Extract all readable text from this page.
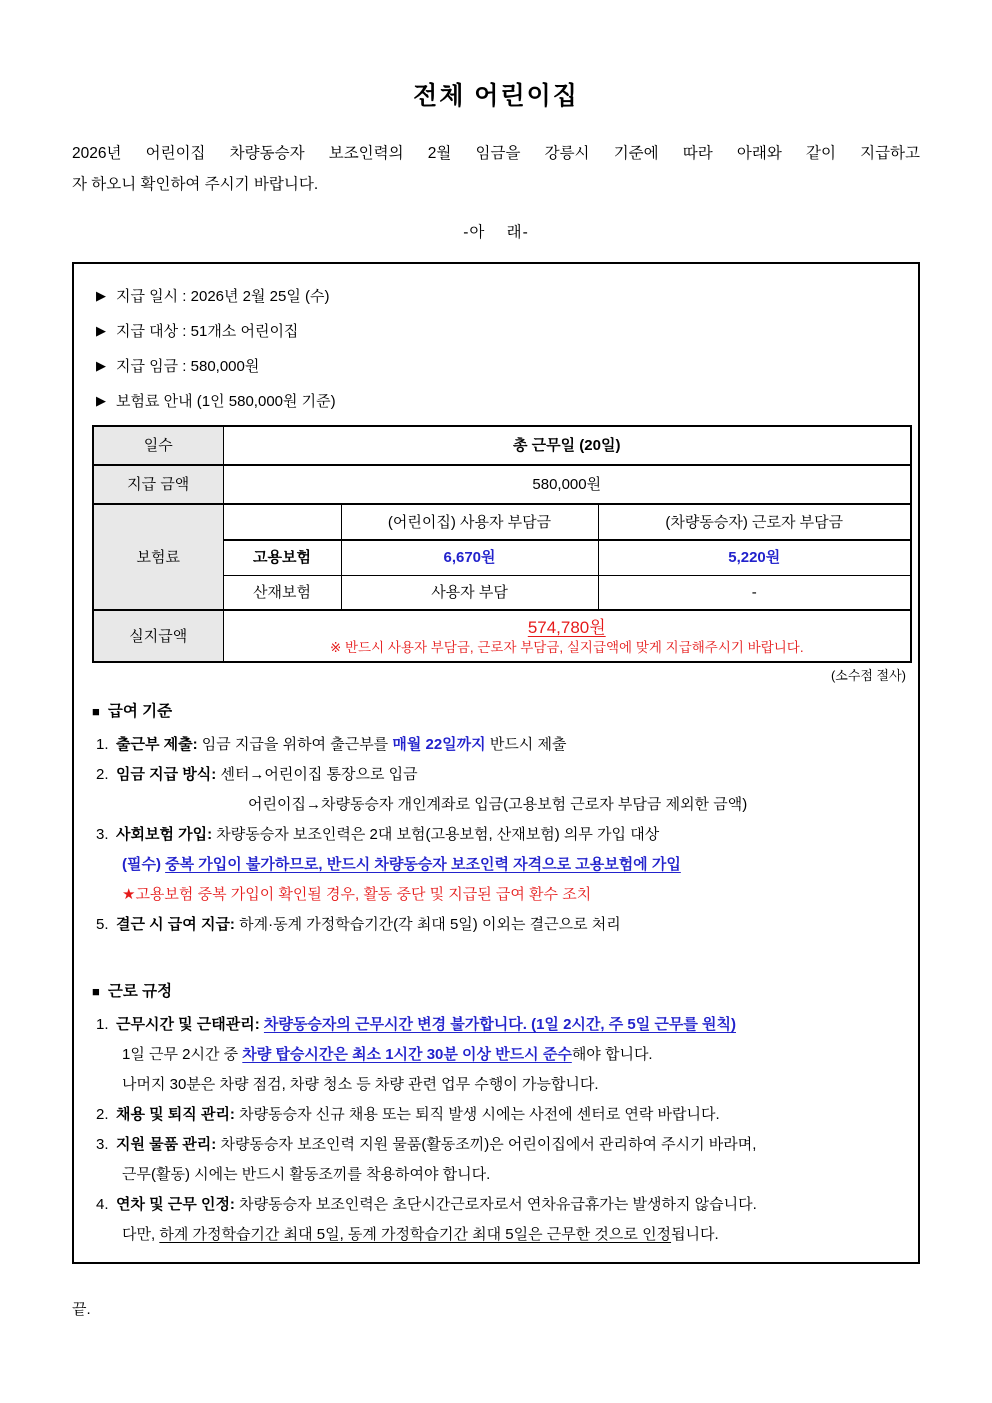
전체 어린이집

2026년 어린이집 차량동승자 보조인력의 2월 임금을 강릉시 기준에 따라 아래와 같이 지급하고
자 하오니 확인하여 주시기 바랍니다.

-아    래-
▶ 지급 일시 : 2026년 2월 25일 (수)
▶ 지급 대상 : 51개소 어린이집
▶ 지급 임금 : 580,000원
▶ 보험료 안내 (1인 580,000원 기준)
일수	총 근무일 (20일)		
지급 금액	580,000원		
보험료		(어린이집) 사용자 부담금	(차량동승자) 근로자 부담금
	고용보험	6,670원	5,220원
	산재보험	사용자 부담	-
실지급액	574,780원
※ 반드시 사용자 부담금, 근로자 부담금, 실지급액에 맞게 지급해주시기 바랍니다.		
(소수점 절사)
■ 급여 기준
1. 출근부 제출: 임금 지급을 위하여 출근부를 매월 22일까지 반드시 제출
2. 임금 지급 방식: 센터→어린이집 통장으로 입금
어린이집→차량동승자 개인계좌로 입금(고용보험 근로자 부담금 제외한 금액)
3. 사회보험 가입: 차량동승자 보조인력은 2대 보험(고용보험, 산재보험) 의무 가입 대상
(필수) 중복 가입이 불가하므로, 반드시 차량동승자 보조인력 자격으로 고용보험에 가입
★고용보험 중복 가입이 확인될 경우, 활동 중단 및 지급된 급여 환수 조치
5. 결근 시 급여 지급: 하계·동계 가정학습기간(각 최대 5일) 이외는 결근으로 처리
■ 근로 규정
1. 근무시간 및 근태관리: 차량동승자의 근무시간 변경 불가합니다. (1일 2시간, 주 5일 근무를 원칙)
1일 근무 2시간 중 차량 탑승시간은 최소 1시간 30분 이상 반드시 준수해야 합니다.
나머지 30분은 차량 점검, 차량 청소 등 차량 관련 업무 수행이 가능합니다.
2. 채용 및 퇴직 관리: 차량동승자 신규 채용 또는 퇴직 발생 시에는 사전에 센터로 연락 바랍니다.
3. 지원 물품 관리: 차량동승자 보조인력 지원 물품(활동조끼)은 어린이집에서 관리하여 주시기 바라며,
근무(활동) 시에는 반드시 활동조끼를 착용하여야 합니다.
4. 연차 및 근무 인정: 차량동승자 보조인력은 초단시간근로자로서 연차유급휴가는 발생하지 않습니다.
다만, 하계 가정학습기간 최대 5일, 동계 가정학습기간 최대 5일은 근무한 것으로 인정됩니다.
끝.
